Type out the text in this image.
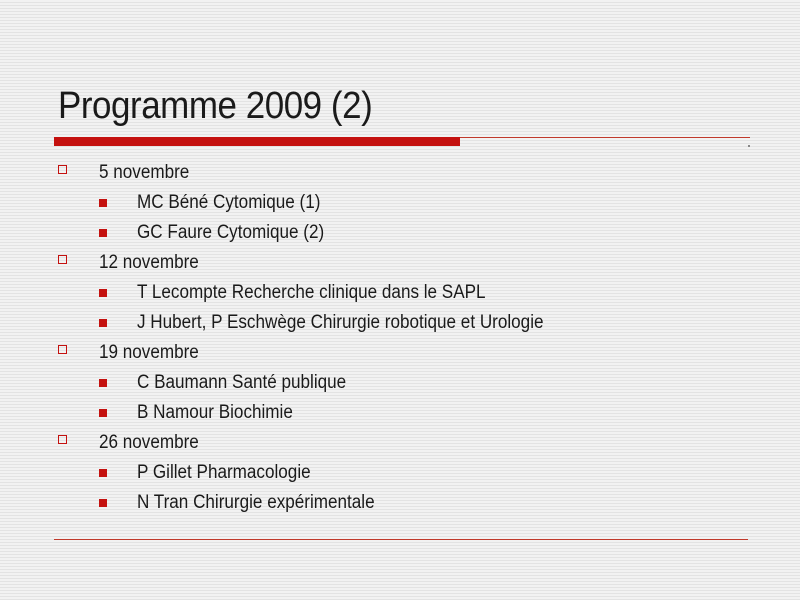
Programme 2009 (2)
5 novembre
MC Béné Cytomique (1)
GC Faure Cytomique (2)
12 novembre
T Lecompte Recherche clinique dans le SAPL
J Hubert, P Eschwège Chirurgie robotique et Urologie
19 novembre
C Baumann Santé publique
B Namour Biochimie
26 novembre
P Gillet Pharmacologie
N Tran Chirurgie expérimentale
